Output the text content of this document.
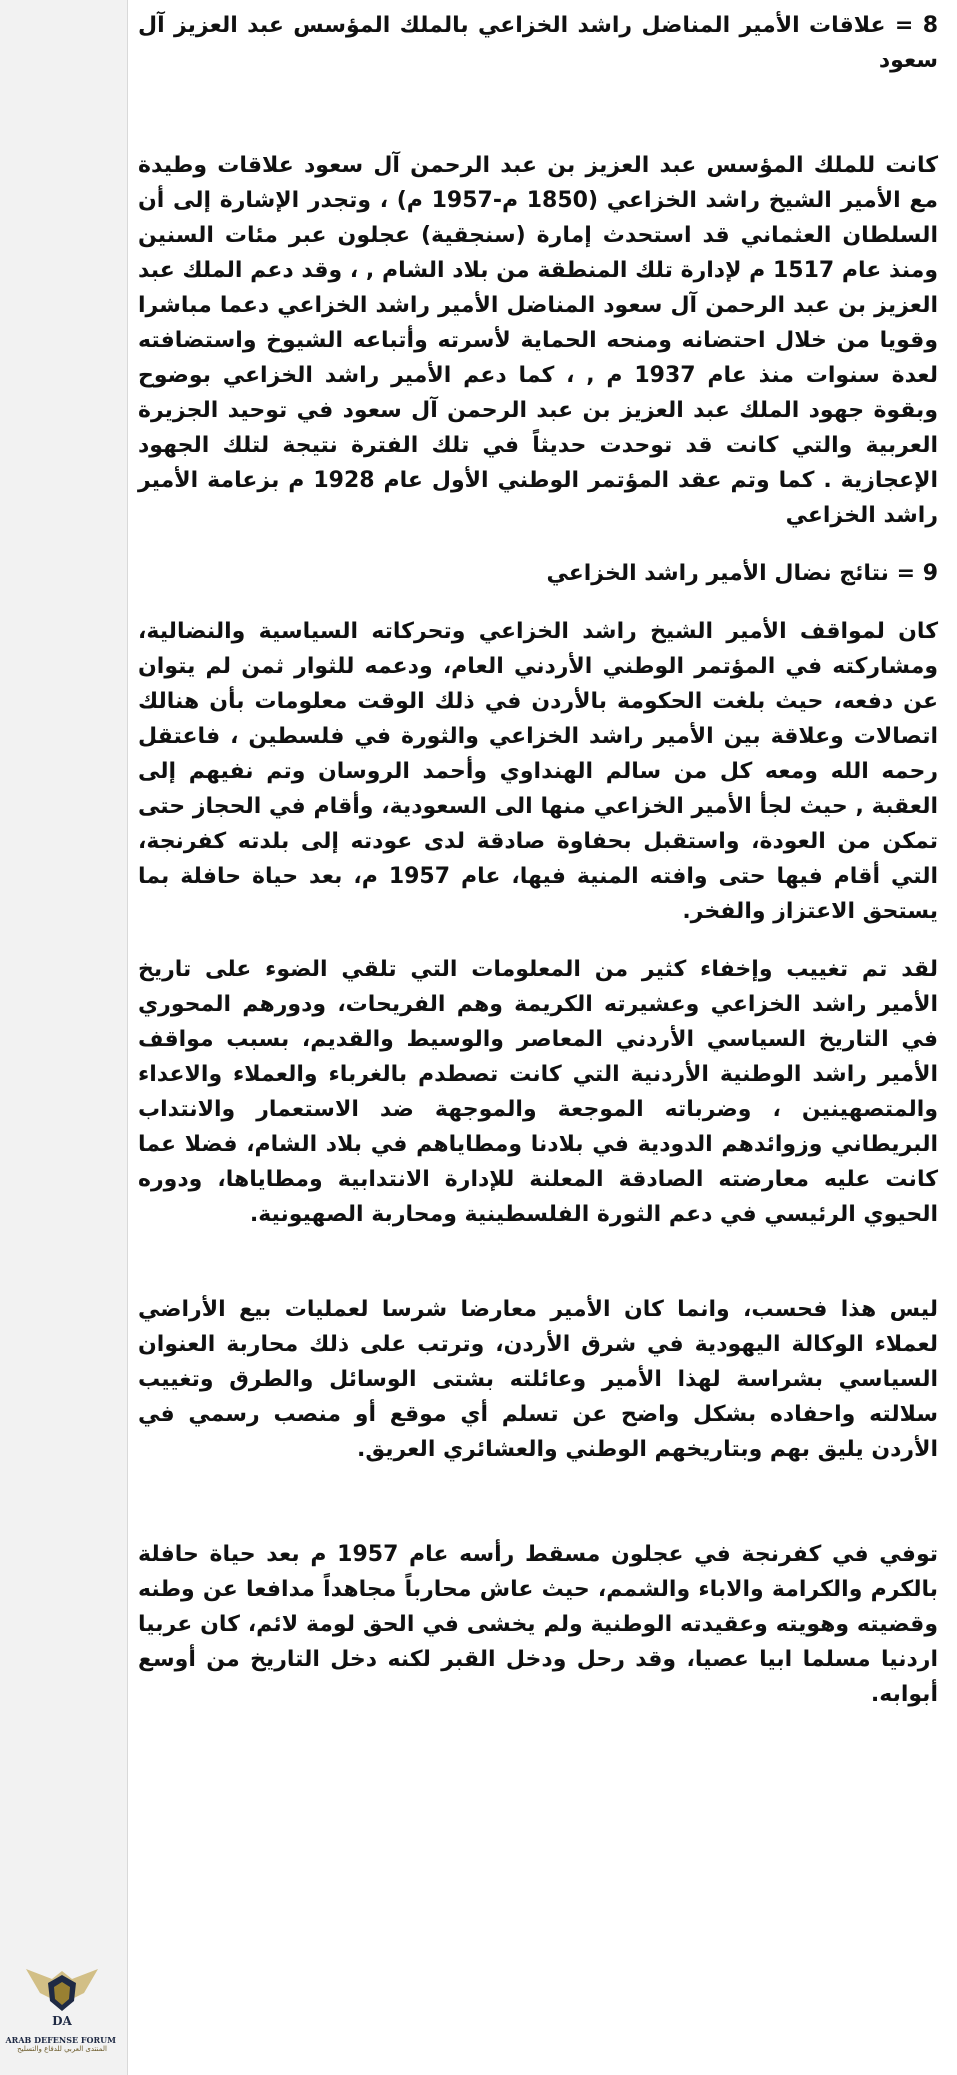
DA
ARAB DEFENSE FORUM
المنتدى العربي للدفاع والتسليح

8 = علاقات الأمير المناضل راشد الخزاعي بالملك المؤسس عبد العزيز آل سعود

كانت للملك المؤسس عبد العزيز بن عبد الرحمن آل سعود علاقات وطيدة مع الأمير الشيخ راشد الخزاعي (1850 م-1957 م) ، وتجدر الإشارة إلى أن السلطان العثماني قد استحدث إمارة (سنجقية) عجلون عبر مئات السنين ومنذ عام 1517 م لإدارة تلك المنطقة من بلاد الشام , ، وقد دعم الملك عبد العزيز بن عبد الرحمن آل سعود المناضل الأمير راشد الخزاعي دعما مباشرا وقويا من خلال احتضانه ومنحه الحماية لأسرته وأتباعه الشيوخ واستضافته لعدة سنوات منذ عام 1937 م , ، كما دعم الأمير راشد الخزاعي بوضوح وبقوة جهود الملك عبد العزيز بن عبد الرحمن آل سعود في توحيد الجزيرة العربية والتي كانت قد توحدت حديثاً في تلك الفترة نتيجة لتلك الجهود الإعجازية . كما وتم عقد المؤتمر الوطني الأول عام 1928 م بزعامة الأمير راشد الخزاعي

9 = نتائج نضال الأمير راشد الخزاعي

كان لمواقف الأمير الشيخ راشد الخزاعي وتحركاته السياسية والنضالية، ومشاركته في المؤتمر الوطني الأردني العام، ودعمه للثوار ثمن لم يتوان عن دفعه، حيث بلغت الحكومة بالأردن في ذلك الوقت معلومات بأن هنالك اتصالات وعلاقة بين الأمير راشد الخزاعي والثورة في فلسطين ، فاعتقل رحمه الله ومعه كل من سالم الهنداوي وأحمد الروسان وتم نفيهم إلى العقبة , حيث لجأ الأمير الخزاعي منها الى السعودية، وأقام في الحجاز حتى تمكن من العودة، واستقبل بحفاوة صادقة لدى عودته إلى بلدته كفرنجة، التي أقام فيها حتى وافته المنية فيها، عام 1957 م، بعد حياة حافلة بما يستحق الاعتزاز والفخر.

لقد تم تغييب وإخفاء كثير من المعلومات التي تلقي الضوء على تاريخ الأمير راشد الخزاعي وعشيرته الكريمة وهم الفريحات، ودورهم المحوري في التاريخ السياسي الأردني المعاصر والوسيط والقديم، بسبب مواقف الأمير راشد الوطنية الأردنية التي كانت تصطدم بالغرباء والعملاء والاعداء والمتصهينين ، وضرباته الموجعة والموجهة ضد الاستعمار والانتداب البريطاني وزوائدهم الدودية في بلادنا ومطاياهم في بلاد الشام، فضلا عما كانت عليه معارضته الصادقة المعلنة للإدارة الانتدابية ومطاياها، ودوره الحيوي الرئيسي في دعم الثورة الفلسطينية ومحاربة الصهيونية.

ليس هذا فحسب، وانما كان الأمير معارضا شرسا لعمليات بيع الأراضي لعملاء الوكالة اليهودية في شرق الأردن، وترتب على ذلك محاربة العنوان السياسي بشراسة لهذا الأمير وعائلته بشتى الوسائل والطرق وتغييب سلالته واحفاده بشكل واضح عن تسلم أي موقع أو منصب رسمي في الأردن يليق بهم وبتاريخهم الوطني والعشائري العريق.

توفي في كفرنجة في عجلون مسقط رأسه عام 1957 م بعد حياة حافلة بالكرم والكرامة والاباء والشمم، حيث عاش محارباً مجاهداً مدافعا عن وطنه وقضيته وهويته وعقيدته الوطنية ولم يخشى في الحق لومة لائم، كان عربيا اردنيا مسلما ابيا عصيا، وقد رحل ودخل القبر لكنه دخل التاريخ من أوسع أبوابه.
